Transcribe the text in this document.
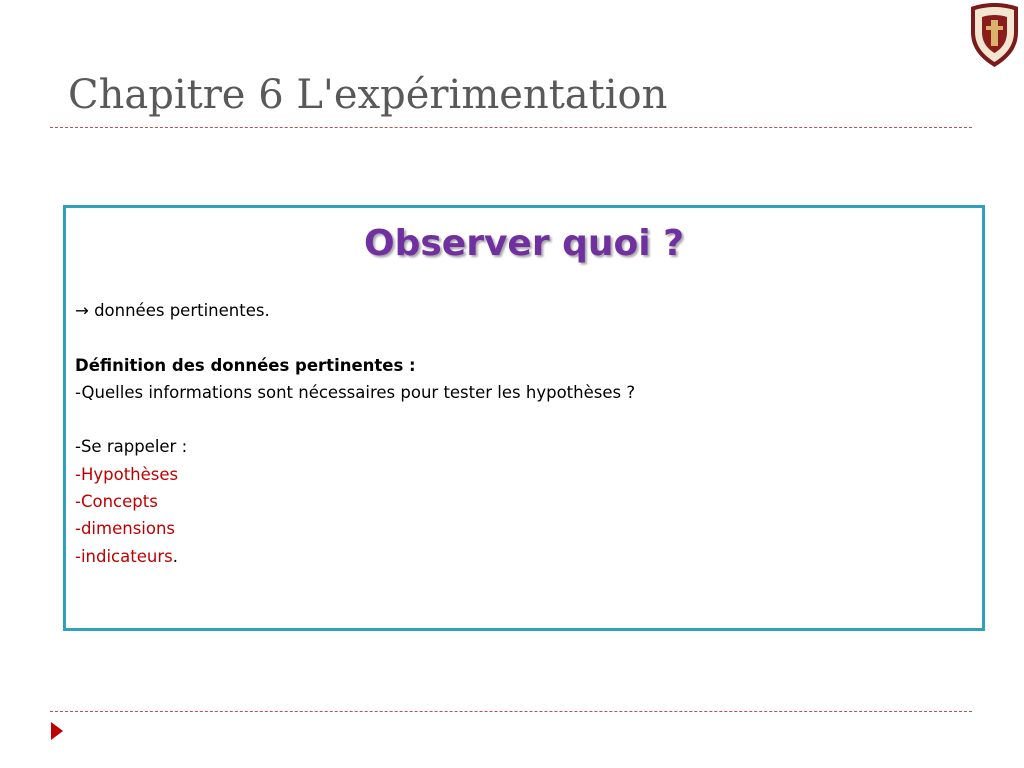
Chapitre 6 L'expérimentation
Observer quoi ?
→ données pertinentes.
Définition des données pertinentes :
-Quelles informations sont nécessaires pour tester les hypothèses ?
-Se rappeler :
-Hypothèses
-Concepts
-dimensions
-indicateurs.
